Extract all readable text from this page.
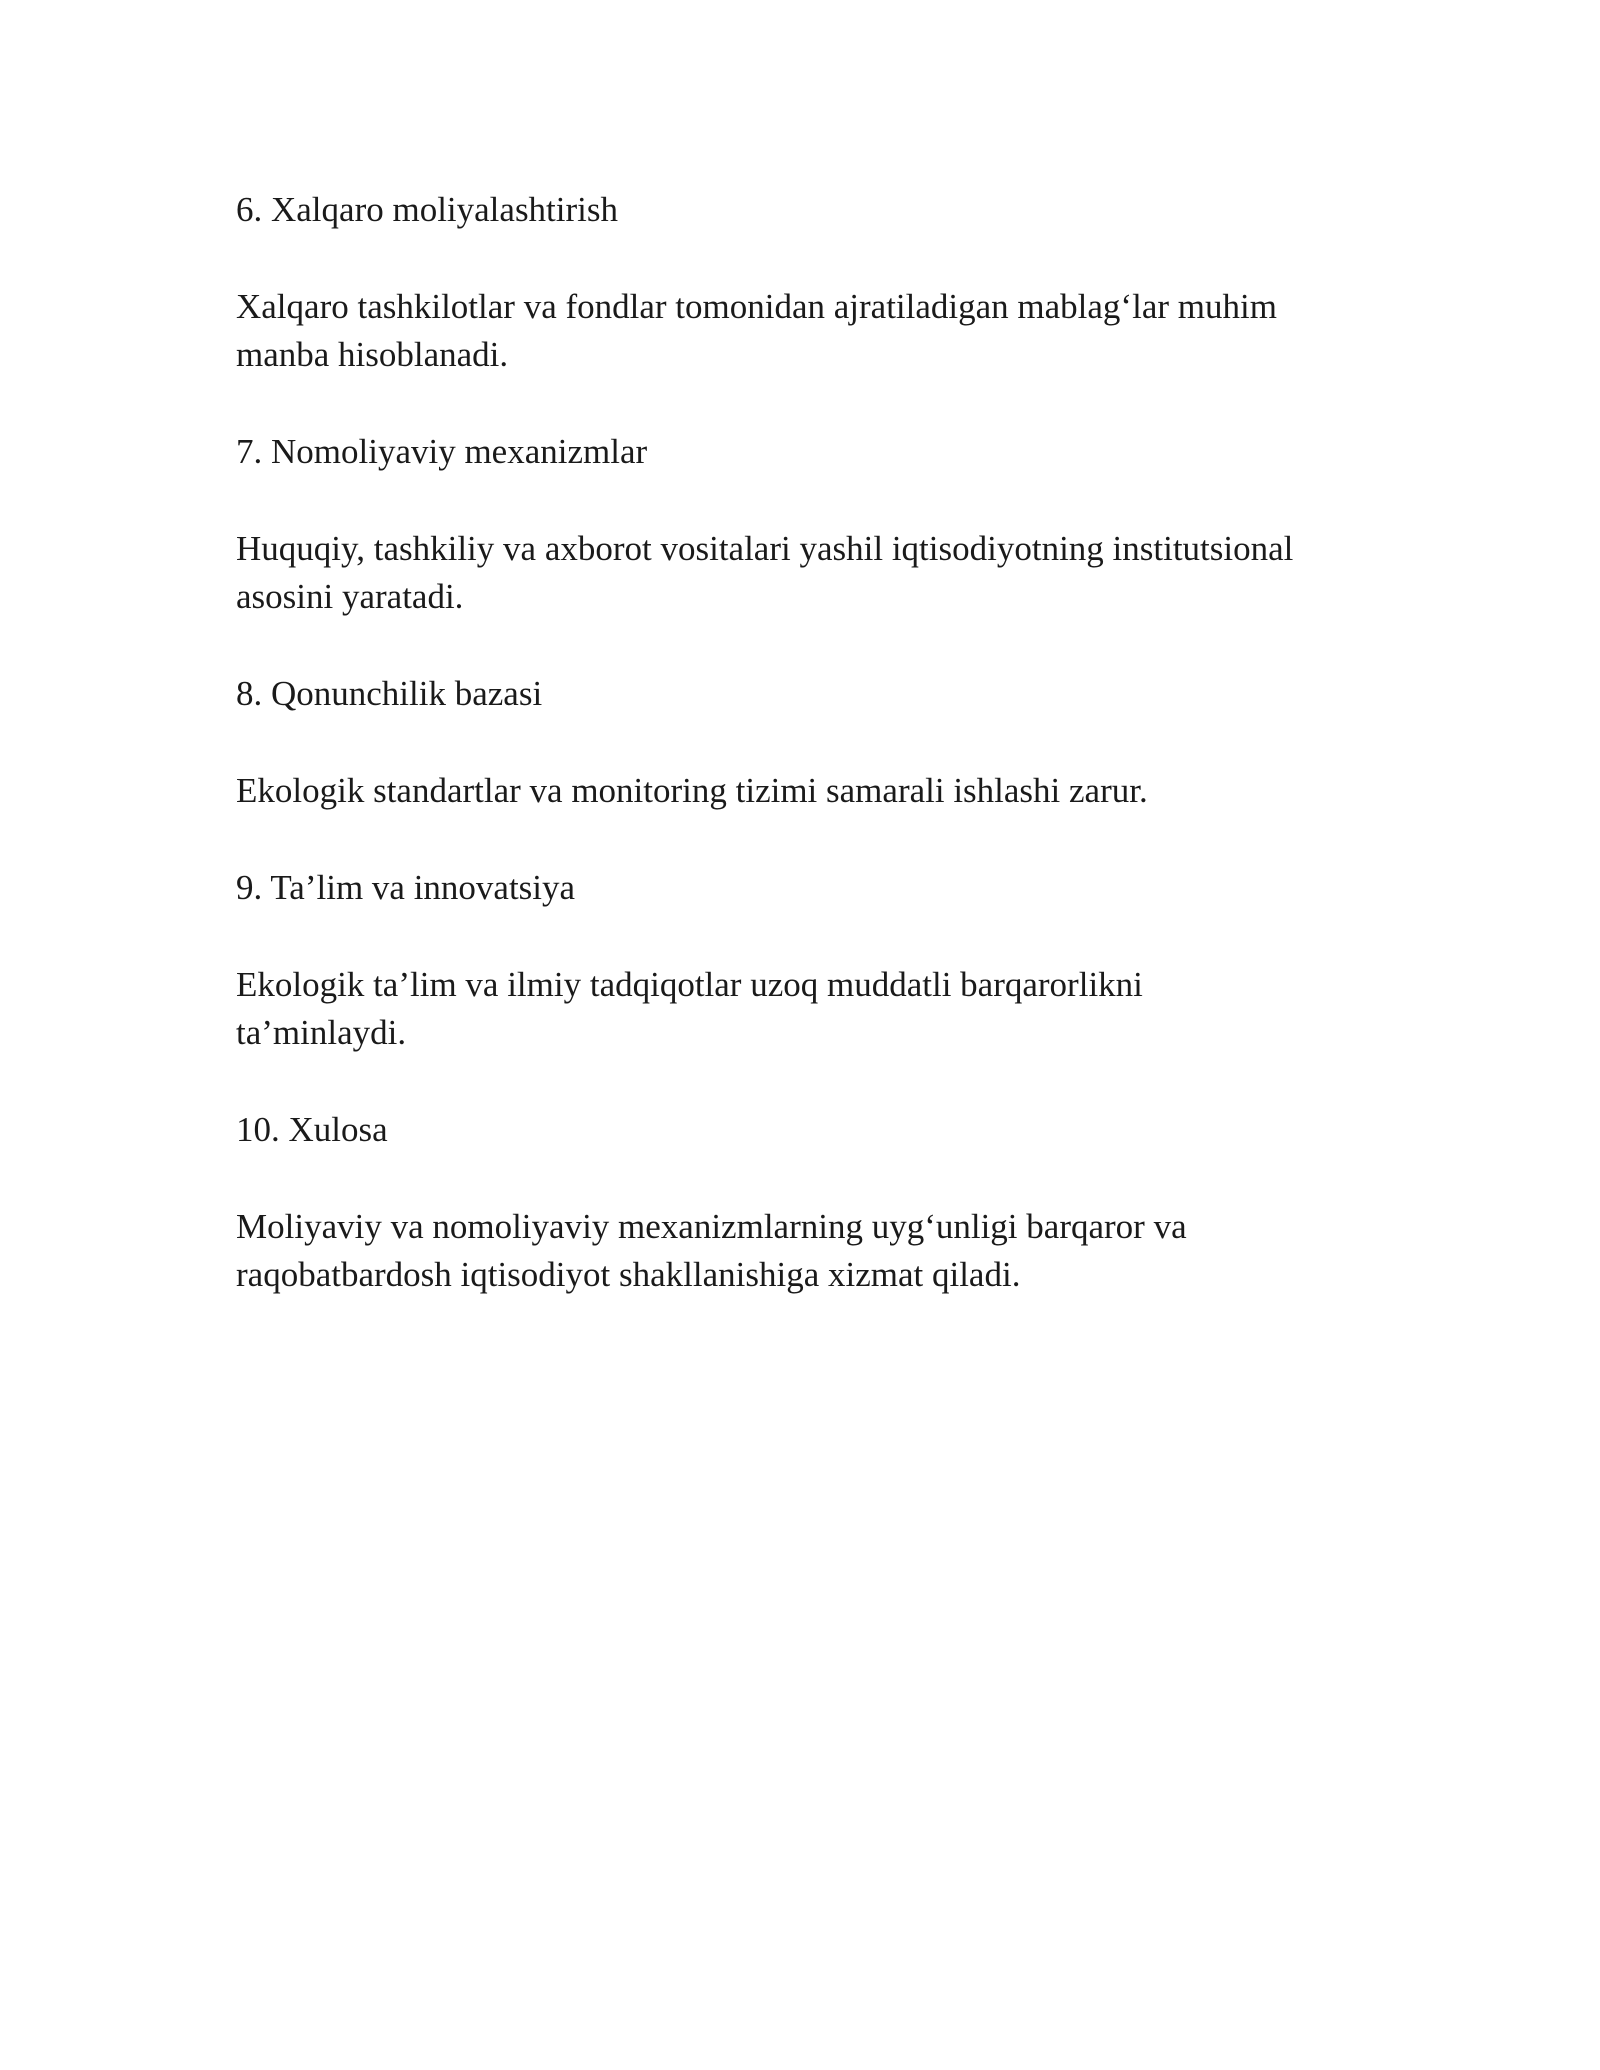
6. Xalqaro moliyalashtirish

Xalqaro tashkilotlar va fondlar tomonidan ajratiladigan mablag‘lar muhim
manba hisoblanadi.

7. Nomoliyaviy mexanizmlar

Huquqiy, tashkiliy va axborot vositalari yashil iqtisodiyotning institutsional
asosini yaratadi.

8. Qonunchilik bazasi

Ekologik standartlar va monitoring tizimi samarali ishlashi zarur.

9. Ta’lim va innovatsiya

Ekologik ta’lim va ilmiy tadqiqotlar uzoq muddatli barqarorlikni
ta’minlaydi.

10. Xulosa

Moliyaviy va nomoliyaviy mexanizmlarning uyg‘unligi barqaror va
raqobatbardosh iqtisodiyot shakllanishiga xizmat qiladi.
